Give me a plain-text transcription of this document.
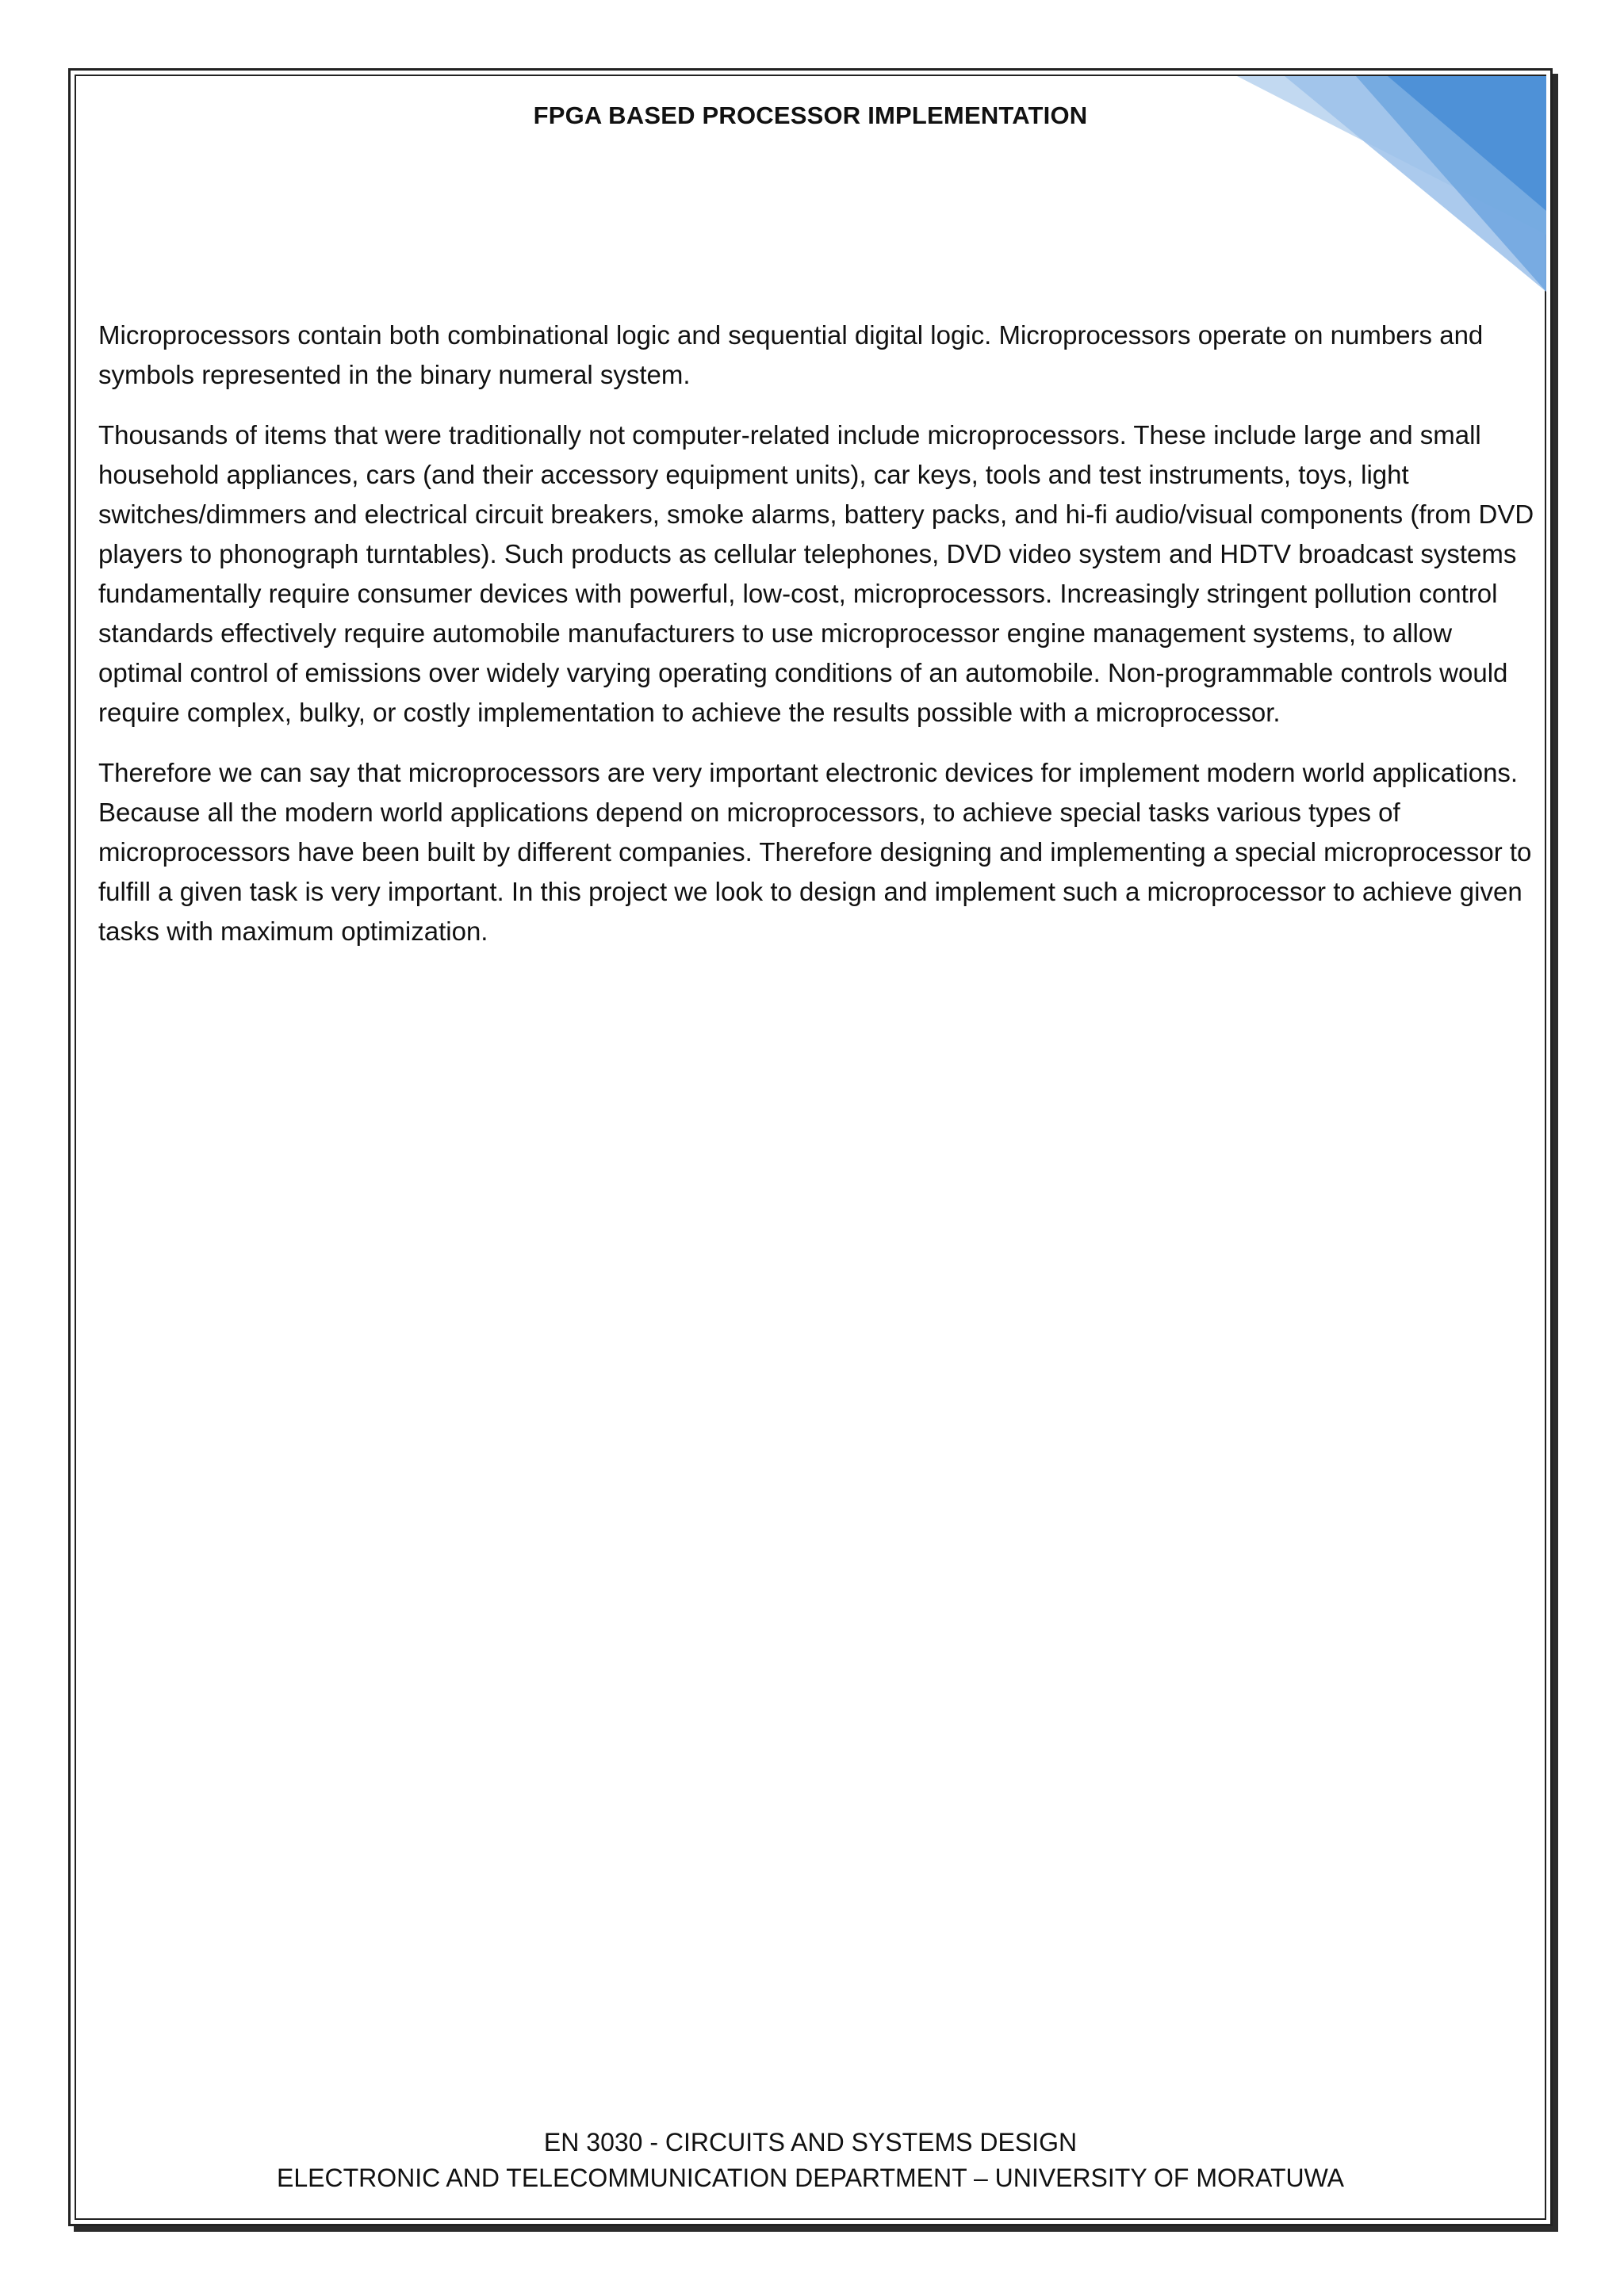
FPGA BASED PROCESSOR IMPLEMENTATION

Microprocessors contain both combinational logic and sequential digital logic. Microprocessors operate on numbers and symbols represented in the binary numeral system.

Thousands of items that were traditionally not computer-related include microprocessors. These include large and small household appliances, cars (and their accessory equipment units), car keys, tools and test instruments, toys, light switches/dimmers and electrical circuit breakers, smoke alarms, battery packs, and hi-fi audio/visual components (from DVD players to phonograph turntables). Such products as cellular telephones, DVD video system and HDTV broadcast systems fundamentally require consumer devices with powerful, low-cost, microprocessors. Increasingly stringent pollution control standards effectively require automobile manufacturers to use microprocessor engine management systems, to allow optimal control of emissions over widely varying operating conditions of an automobile. Non-programmable controls would require complex, bulky, or costly implementation to achieve the results possible with a microprocessor.

Therefore we can say that microprocessors are very important electronic devices for implement modern world applications. Because all the modern world applications depend on microprocessors, to achieve special tasks various types of microprocessors have been built by different companies. Therefore designing and implementing a special microprocessor to fulfill a given task is very important. In this project we look to design and implement such a microprocessor to achieve given tasks with maximum optimization.

EN 3030 - CIRCUITS AND SYSTEMS DESIGN
ELECTRONIC AND TELECOMMUNICATION DEPARTMENT – UNIVERSITY OF MORATUWA
